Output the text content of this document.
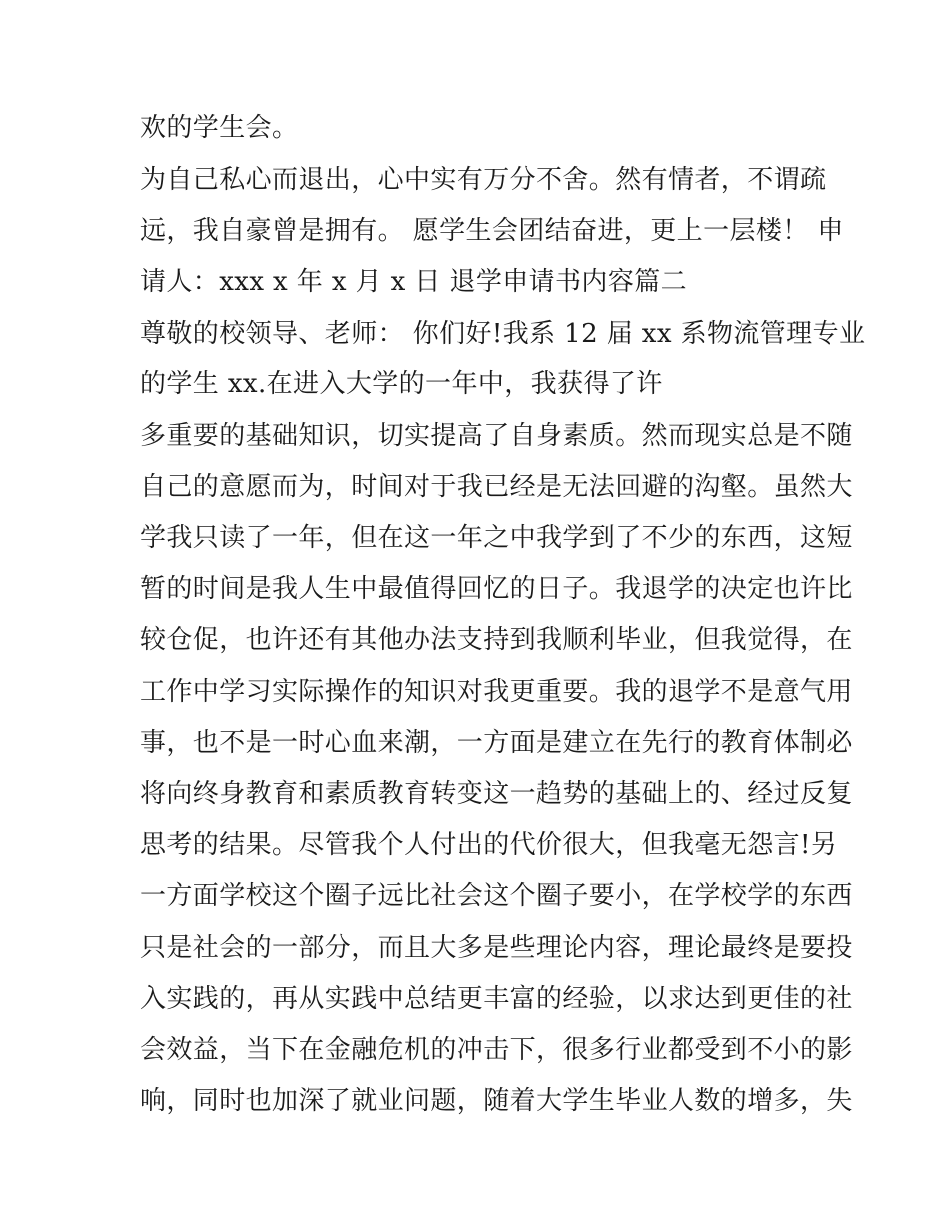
欢的学生会。

为自己私心而退出，心中实有万分不舍。然有情者，不谓疏

远，我自豪曾是拥有。 愿学生会团结奋进，更上一层楼！ 申

请人：xxx x 年 x 月 x 日 退学申请书内容篇二

尊敬的校领导、老师： 你们好!我系 12 届 xx 系物流管理专业

的学生 xx.在进入大学的一年中，我获得了许

多重要的基础知识，切实提高了自身素质。然而现实总是不随

自己的意愿而为，时间对于我已经是无法回避的沟壑。虽然大

学我只读了一年，但在这一年之中我学到了不少的东西，这短

暂的时间是我人生中最值得回忆的日子。我退学的决定也许比

较仓促，也许还有其他办法支持到我顺利毕业，但我觉得，在

工作中学习实际操作的知识对我更重要。我的退学不是意气用

事，也不是一时心血来潮，一方面是建立在先行的教育体制必

将向终身教育和素质教育转变这一趋势的基础上的、经过反复

思考的结果。尽管我个人付出的代价很大，但我毫无怨言!另

一方面学校这个圈子远比社会这个圈子要小，在学校学的东西

只是社会的一部分，而且大多是些理论内容，理论最终是要投

入实践的，再从实践中总结更丰富的经验，以求达到更佳的社

会效益，当下在金融危机的冲击下，很多行业都受到不小的影

响，同时也加深了就业问题，随着大学生毕业人数的增多，失
